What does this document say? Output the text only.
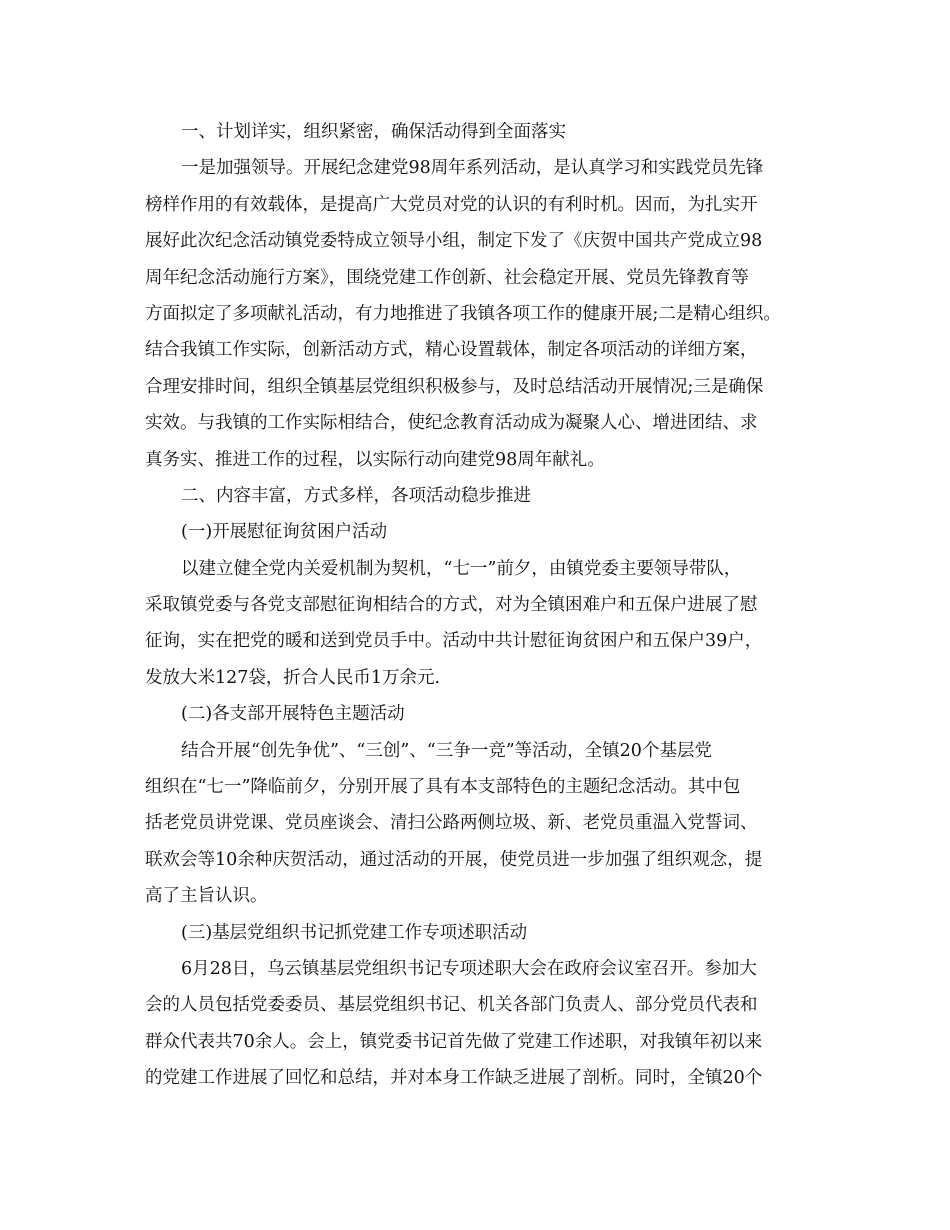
一、计划详实，组织紧密，确保活动得到全面落实

一是加强领导。开展纪念建党98周年系列活动，是认真学习和实践党员先锋

榜样作用的有效载体，是提高广大党员对党的认识的有利时机。因而，为扎实开

展好此次纪念活动镇党委特成立领导小组，制定下发了《庆贺中国共产党成立98

周年纪念活动施行方案》，围绕党建工作创新、社会稳定开展、党员先锋教育等

方面拟定了多项献礼活动，有力地推进了我镇各项工作的健康开展;二是精心组织。

结合我镇工作实际，创新活动方式，精心设置载体，制定各项活动的详细方案，

合理安排时间，组织全镇基层党组织积极参与，及时总结活动开展情况;三是确保

实效。与我镇的工作实际相结合，使纪念教育活动成为凝聚人心、增进团结、求

真务实、推进工作的过程，以实际行动向建党98周年献礼。

二、内容丰富，方式多样，各项活动稳步推进

(一)开展慰征询贫困户活动

以建立健全党内关爱机制为契机，“七一”前夕，由镇党委主要领导带队，

采取镇党委与各党支部慰征询相结合的方式，对为全镇困难户和五保户进展了慰

征询，实在把党的暖和送到党员手中。活动中共计慰征询贫困户和五保户39户，

发放大米127袋，折合人民币1万余元.

(二)各支部开展特色主题活动

结合开展“创先争优”、“三创”、“三争一竞”等活动，全镇20个基层党

组织在“七一”降临前夕，分别开展了具有本支部特色的主题纪念活动。其中包

括老党员讲党课、党员座谈会、清扫公路两侧垃圾、新、老党员重温入党誓词、

联欢会等10余种庆贺活动，通过活动的开展，使党员进一步加强了组织观念，提

高了主旨认识。

(三)基层党组织书记抓党建工作专项述职活动

6月28日，乌云镇基层党组织书记专项述职大会在政府会议室召开。参加大

会的人员包括党委委员、基层党组织书记、机关各部门负责人、部分党员代表和

群众代表共70余人。会上，镇党委书记首先做了党建工作述职，对我镇年初以来

的党建工作进展了回忆和总结，并对本身工作缺乏进展了剖析。同时，全镇20个
